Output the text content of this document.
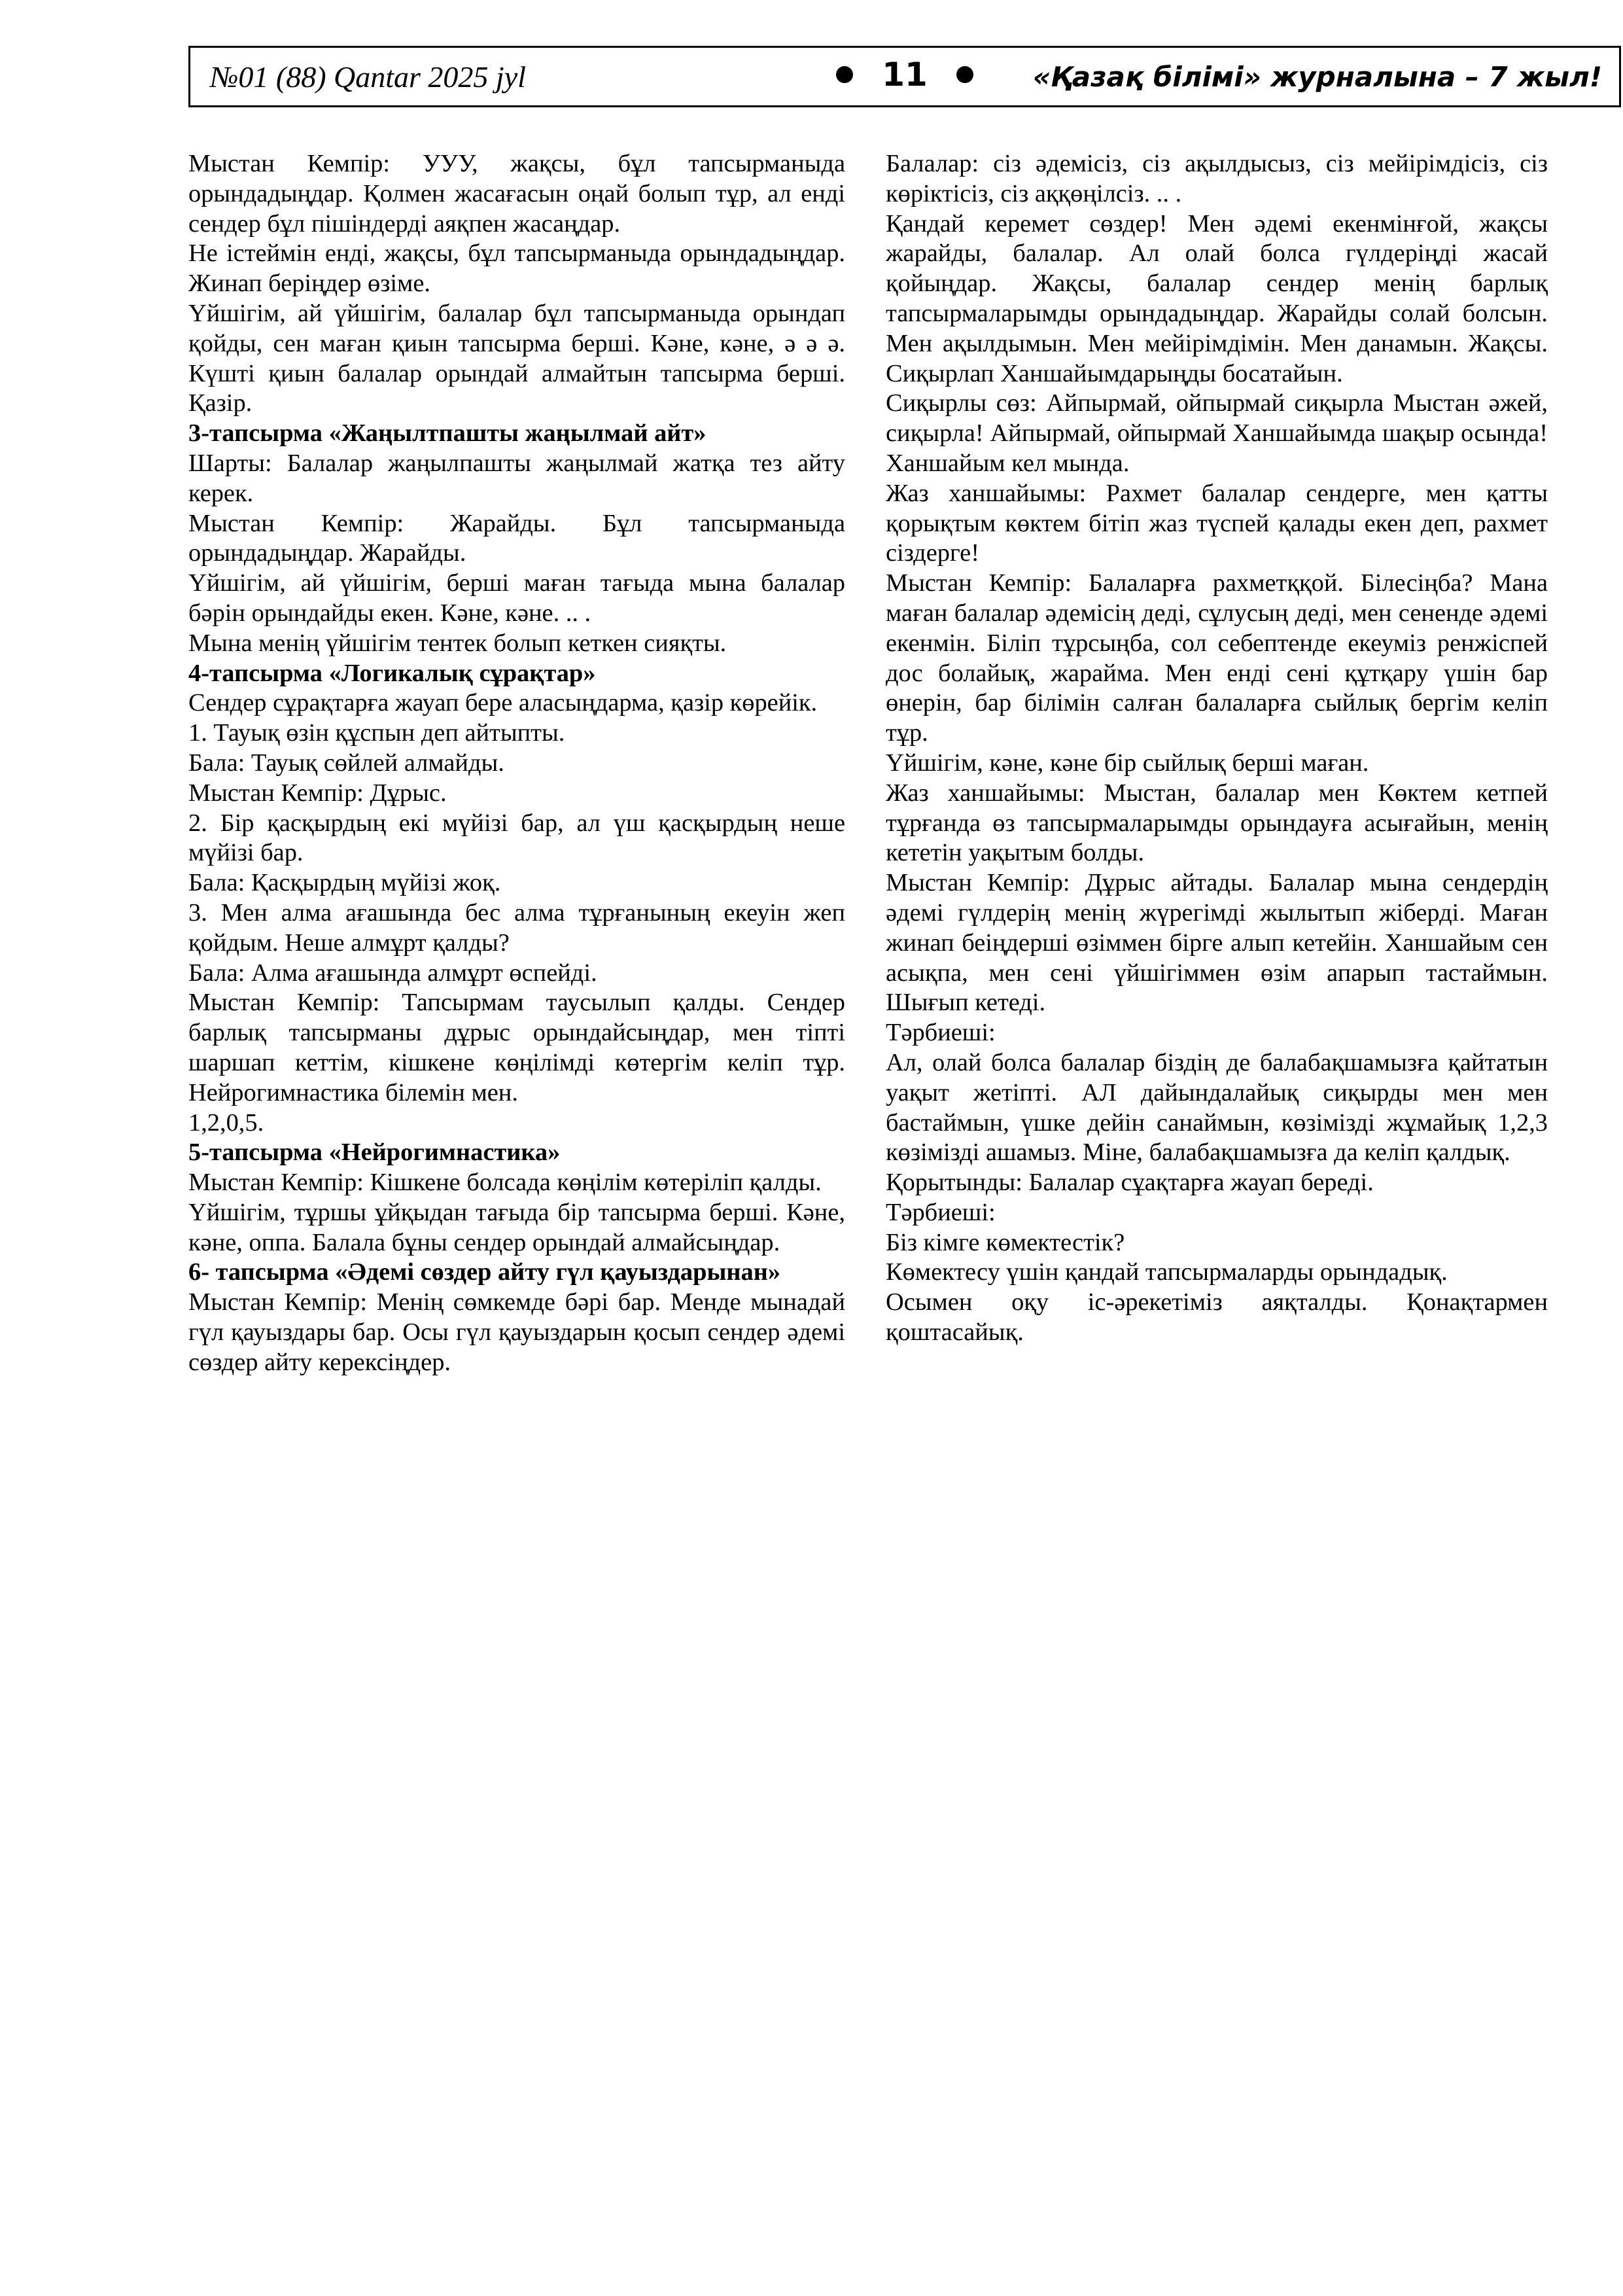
№01 (88) Qantar 2025 jyl	11	«Қазақ білімі» журналына – 7 жыл!

Мыстан Кемпір: УУУ, жақсы, бұл тапсырманыда орындадыңдар. Қолмен жасағасын оңай болып тұр, ал енді сендер бұл пішіндерді аяқпен жасаңдар.

Не істеймін енді, жақсы, бұл тапсырманыда орындадыңдар. Жинап беріңдер өзіме.

Үйшігім, ай үйшігім, балалар бұл тапсырманыда орындап қойды, сен маған қиын тапсырма берші. Кәне, кәне, ә ә ә. Күшті қиын балалар орындай алмайтын тапсырма берші. Қазір.

3-тапсырма «Жаңылтпашты жаңылмай айт»

Шарты: Балалар жаңылпашты жаңылмай жатқа тез айту керек.

Мыстан Кемпір: Жарайды. Бұл тапсырманыда орындадыңдар. Жарайды.

Үйшігім, ай үйшігім, берші маған тағыда мына балалар бәрін орындайды екен. Кәне, кәне. .. .

Мына менің үйшігім тентек болып кеткен сияқты.

4-тапсырма «Логикалық сұрақтар»

Сендер сұрақтарға жауап бере аласыңдарма, қазір көрейік.

1. Тауық өзін құспын деп айтыпты.

Бала: Тауық сөйлей алмайды.

Мыстан Кемпір: Дұрыс.

2. Бір қасқырдың екі мүйізі бар, ал үш қасқырдың неше мүйізі бар.

Бала: Қасқырдың мүйізі жоқ.

3. Мен алма ағашында бес алма тұрғанының екеуін жеп қойдым. Неше алмұрт қалды?

Бала: Алма ағашында алмұрт өспейді.

Мыстан Кемпір: Тапсырмам таусылып қалды. Сендер барлық тапсырманы дұрыс орындайсыңдар, мен тіпті шаршап кеттім, кішкене көңілімді көтергім келіп тұр. Нейрогимнастика білемін мен.

1,2,0,5.

5-тапсырма «Нейрогимнастика»

Мыстан Кемпір: Кішкене болсада көңілім көтеріліп қалды.

Үйшігім, тұршы ұйқыдан тағыда бір тапсырма берші. Кәне, кәне, оппа. Балала бұны сендер орындай алмайсыңдар.

6- тапсырма «Әдемі сөздер айту гүл қауыздарынан»

Мыстан Кемпір: Менің сөмкемде бәрі бар. Менде мынадай гүл қауыздары бар. Осы гүл қауыздарын қосып сендер әдемі сөздер айту керексіңдер.

Балалар: сіз әдемісіз, сіз ақылдысыз, сіз мейірімдісіз, сіз көріктісіз, сіз аққөңілсіз. .. .

Қандай керемет сөздер! Мен әдемі екенмінғой, жақсы жарайды, балалар. Ал олай болса гүлдеріңді жасай қойыңдар. Жақсы, балалар сендер менің барлық тапсырмаларымды орындадыңдар. Жарайды солай болсын. Мен ақылдымын. Мен мейірімдімін. Мен данамын. Жақсы. Сиқырлап Ханшайымдарыңды босатайын.

Сиқырлы сөз: Айпырмай, ойпырмай сиқырла Мыстан әжей, сиқырла! Айпырмай, ойпырмай Ханшайымда шақыр осында! Ханшайым кел мында.

Жаз ханшайымы: Рахмет балалар сендерге, мен қатты қорықтым көктем бітіп жаз түспей қалады екен деп, рахмет сіздерге!

Мыстан Кемпір: Балаларға рахметққой. Білесіңба? Мана маған балалар әдемісің деді, сұлусың деді, мен сененде әдемі екенмін. Біліп тұрсыңба, сол себептенде екеуміз ренжіспей дос болайық, жарайма. Мен енді сені құтқару үшін бар өнерін, бар білімін салған балаларға сыйлық бергім келіп тұр.

Үйшігім, кәне, кәне бір сыйлық берші маған.

Жаз ханшайымы: Мыстан, балалар мен Көктем кетпей тұрғанда өз тапсырмаларымды орындауға асығайын, менің кететін уақытым болды.

Мыстан Кемпір: Дұрыс айтады. Балалар мына сендердің әдемі гүлдерің менің жүрегімді жылытып жіберді. Маған жинап беіңдерші өзіммен бірге алып кетейін. Ханшайым сен асықпа, мен сені үйшігіммен өзім апарып тастаймын. Шығып кетеді.

Тәрбиеші:

Ал, олай болса балалар біздің де балабақшамызға қайтатын уақыт жетіпті. АЛ дайындалайық сиқырды мен мен бастаймын, үшке дейін санаймын, көзімізді жұмайық 1,2,3 көзімізді ашамыз. Міне, балабақшамызға да келіп қалдық.

Қорытынды: Балалар сұақтарға жауап береді.

Тәрбиеші:

Біз кімге көмектестік?

Көмектесу үшін қандай тапсырмаларды орындадық.

Осымен оқу іс-әрекетіміз аяқталды. Қонақтармен қоштасайық.
